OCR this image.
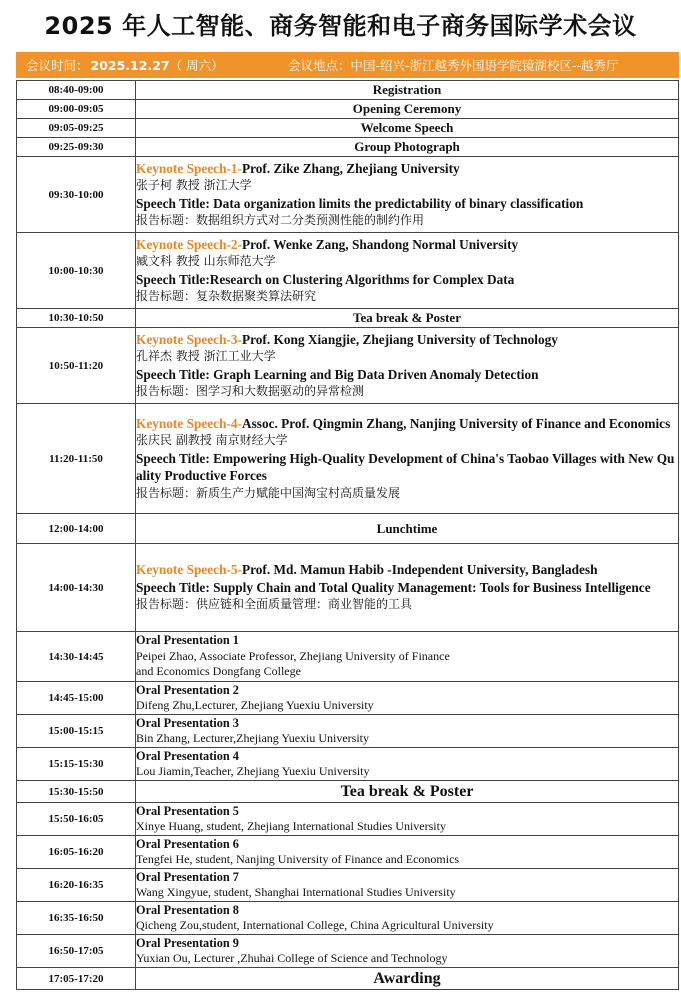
2025 年人工智能、商务智能和电子商务国际学术会议
会议时间： 2025.12.27 （ 周六）	会议地点：中国-绍兴-浙江越秀外国语学院镜湖校区--越秀厅
08:40-09:00	Registration
09:00-09:05	Opening Ceremony
09:05-09:25	Welcome Speech
09:25-09:30	Group Photograph
09:30-10:00	Keynote Speech-1-Prof. Zike Zhang, Zhejiang University
张子柯 教授 浙江大学
Speech Title: Data organization limits the predictability of binary classification
报告标题：数据组织方式对二分类预测性能的制约作用

10:00-10:30	Keynote Speech-2-Prof. Wenke Zang, Shandong Normal University
臧文科 教授 山东师范大学
Speech Title:Research on Clustering Algorithms for Complex Data
报告标题：复杂数据聚类算法研究

10:30-10:50	Tea break & Poster
10:50-11:20	Keynote Speech-3-Prof. Kong Xiangjie, Zhejiang University of Technology
孔祥杰 教授 浙江工业大学
Speech Title: Graph Learning and Big Data Driven Anomaly Detection
报告标题：图学习和大数据驱动的异常检测

11:20-11:50	Keynote Speech-4-Assoc. Prof. Qingmin Zhang, Nanjing University of Finance and Economics
张庆民 副教授 南京财经大学
Speech Title: Empowering High-Quality Development of China's Taobao Villages with New Quality Productive Forces
报告标题：新质生产力赋能中国淘宝村高质量发展

12:00-14:00	Lunchtime
14:00-14:30	Keynote Speech-5-Prof. Md. Mamun Habib -Independent University, Bangladesh
Speech Title: Supply Chain and Total Quality Management: Tools for Business Intelligence
报告标题：供应链和全面质量管理：商业智能的工具

14:30-14:45	Oral Presentation 1
Peipei Zhao, Associate Professor, Zhejiang University of Finance
and Economics Dongfang College

14:45-15:00	Oral Presentation 2
Difeng Zhu,Lecturer, Zhejiang Yuexiu University

15:00-15:15	Oral Presentation 3
Bin Zhang, Lecturer,Zhejiang Yuexiu University

15:15-15:30	Oral Presentation 4
Lou Jiamin,Teacher, Zhejiang Yuexiu University

15:30-15:50	Tea break & Poster
15:50-16:05	Oral Presentation 5
Xinye Huang, student, Zhejiang International Studies University

16:05-16:20	Oral Presentation 6
Tengfei He, student, Nanjing University of Finance and Economics

16:20-16:35	Oral Presentation 7
Wang Xingyue, student, Shanghai International Studies University

16:35-16:50	Oral Presentation 8
Qicheng Zou,student, International College, China Agricultural University

16:50-17:05	Oral Presentation 9
Yuxian Ou, Lecturer ,Zhuhai College of Science and Technology

17:05-17:20	Awarding
